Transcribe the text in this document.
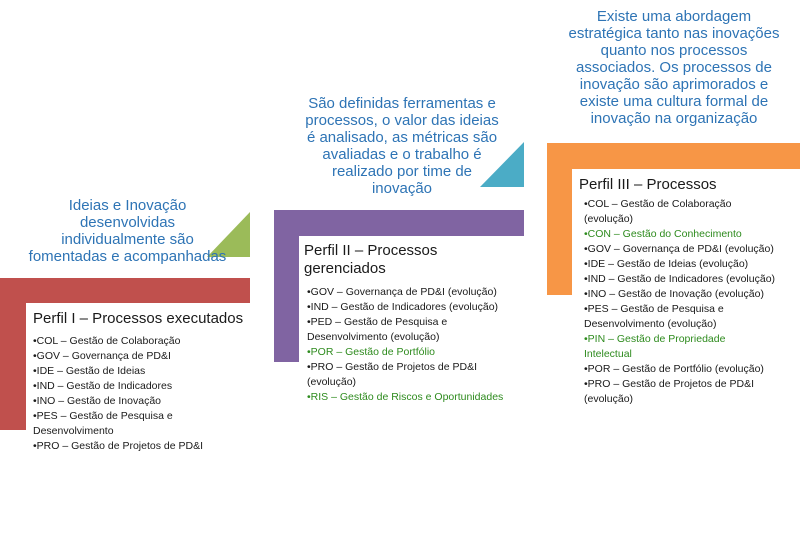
Ideias e Inovação
desenvolvidas
individualmente são
fomentadas e acompanhadas
Perfil I – Processos executados
•COL – Gestão de Colaboração
•GOV – Governança de PD&I
•IDE – Gestão de Ideias
•IND – Gestão de Indicadores
•INO – Gestão de Inovação
•PES – Gestão de Pesquisa e
Desenvolvimento
•PRO – Gestão de Projetos de PD&I
São definidas ferramentas e
processos, o valor das ideias
é analisado, as métricas são
avaliadas e o trabalho é
realizado por time de
inovação
Perfil II – Processos
gerenciados
•GOV – Governança de PD&I (evolução)
•IND – Gestão de Indicadores (evolução)
•PED – Gestão de Pesquisa e
Desenvolvimento (evolução)
•POR – Gestão de Portfólio
•PRO – Gestão de Projetos de PD&I
(evolução)
•RIS – Gestão de Riscos e Oportunidades
Existe uma abordagem
estratégica tanto nas inovações
quanto nos processos
associados. Os processos de
inovação são aprimorados e
existe uma cultura formal de
inovação na organização
Perfil III – Processos
•COL – Gestão de Colaboração
(evolução)
•CON – Gestão do Conhecimento
•GOV – Governança de PD&I (evolução)
•IDE – Gestão de Ideias (evolução)
•IND – Gestão de Indicadores (evolução)
•INO – Gestão de Inovação (evolução)
•PES – Gestão de Pesquisa e
Desenvolvimento (evolução)
•PIN – Gestão de Propriedade
Intelectual
•POR – Gestão de Portfólio (evolução)
•PRO – Gestão de Projetos de PD&I
(evolução)
